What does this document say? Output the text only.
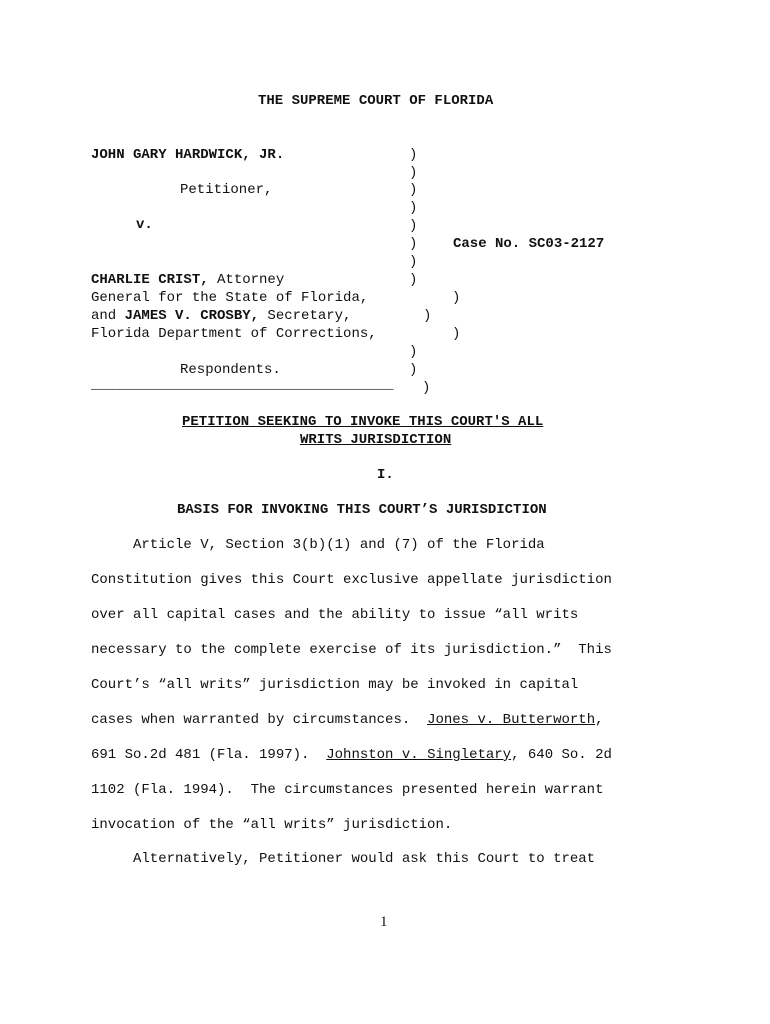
THE SUPREME COURT OF FLORIDA
JOHN GARY HARDWICK, JR.
Petitioner,
v.
CHARLIE CRIST, Attorney
General for the State of Florida,
and JAMES V. CROSBY, Secretary,
Florida Department of Corrections,
Respondents.
____________________________________
)
)
)
)
)
)
)
)
)
)
)
)
)
)
Case No. SC03-2127
PETITION SEEKING TO INVOKE THIS COURT'S ALL
WRITS JURISDICTION
I.
BASIS FOR INVOKING THIS COURT’S JURISDICTION
Article V, Section 3(b)(1) and (7) of the Florida
Constitution gives this Court exclusive appellate jurisdiction
over all capital cases and the ability to issue “all writs
necessary to the complete exercise of its jurisdiction.”  This
Court’s “all writs” jurisdiction may be invoked in capital
cases when warranted by circumstances.  Jones v. Butterworth,
691 So.2d 481 (Fla. 1997).  Johnston v. Singletary, 640 So. 2d
1102 (Fla. 1994).  The circumstances presented herein warrant
invocation of the “all writs” jurisdiction.
Alternatively, Petitioner would ask this Court to treat
1
